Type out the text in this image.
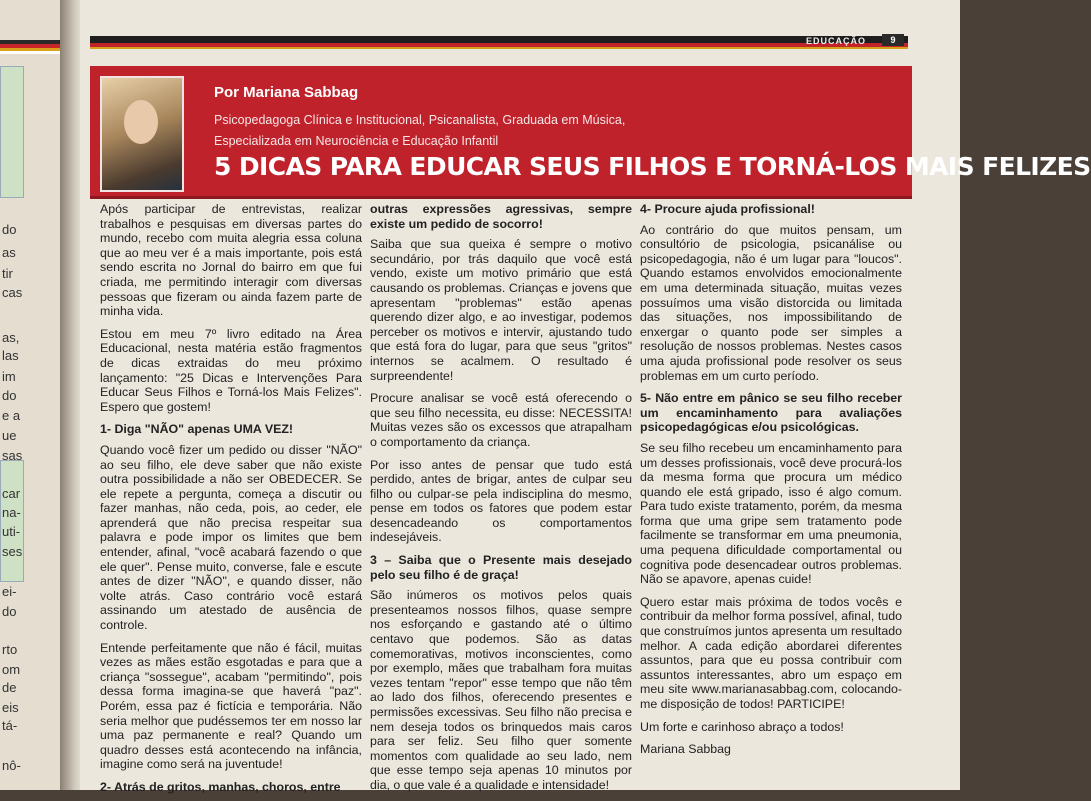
do
as
tir
cas
as,
las
im
do
e a
ue
sas
car
na-
uti-
ses
ei-
do
rto
om
de
eis
tá-
nô-
EDUCAÇÃO	9
Por Mariana Sabbag
Psicopedagoga Clínica e Institucional, Psicanalista, Graduada em Música,
Especializada em Neurociência e Educação Infantil
5 DICAS PARA EDUCAR SEUS FILHOS E TORNÁ-LOS MAIS FELIZES

Após participar de entrevistas, realizar trabalhos e pesquisas em diversas partes do mundo, recebo com muita alegria essa coluna que ao meu ver é a mais importante, pois está sendo escrita no Jornal do bairro em que fui criada, me permitindo interagir com diversas pessoas que fizeram ou ainda fazem parte de minha vida.

Estou em meu 7º livro editado na Área Educacional, nesta matéria estão fragmentos de dicas extraidas do meu próximo lançamento: "25 Dicas e Intervenções Para Educar Seus Filhos e Torná-los Mais Felizes". Espero que gostem!

1- Diga "NÃO" apenas UMA VEZ!

Quando você fizer um pedido ou disser "NÃO" ao seu filho, ele deve saber que não existe outra possibilidade a não ser OBEDECER. Se ele repete a pergunta, começa a discutir ou fazer manhas, não ceda, pois, ao ceder, ele aprenderá que não precisa respeitar sua palavra e pode impor os limites que bem entender, afinal, "você acabará fazendo o que ele quer". Pense muito, converse, fale e escute antes de dizer "NÃO", e quando disser, não volte atrás. Caso contrário você estará assinando um atestado de ausência de controle.

Entende perfeitamente que não é fácil, muitas vezes as mães estão esgotadas e para que a criança "sossegue", acabam "permitindo", pois dessa forma imagina-se que haverá "paz". Porém, essa paz é fictícia e temporária. Não seria melhor que pudéssemos ter em nosso lar uma paz permanente e real? Quando um quadro desses está acontecendo na infância, imagine como será na juventude!

2- Atrás de gritos, manhas, choros, entre

outras expressões agressivas, sempre existe um pedido de socorro!

Saiba que sua queixa é sempre o motivo secundário, por trás daquilo que você está vendo, existe um motivo primário que está causando os problemas. Crianças e jovens que apresentam "problemas" estão apenas querendo dizer algo, e ao investigar, podemos perceber os motivos e intervir, ajustando tudo que está fora do lugar, para que seus "gritos" internos se acalmem. O resultado é surpreendente!

Procure analisar se você está oferecendo o que seu filho necessita, eu disse: NECESSITA! Muitas vezes são os excessos que atrapalham o comportamento da criança.

Por isso antes de pensar que tudo está perdido, antes de brigar, antes de culpar seu filho ou culpar-se pela indisciplina do mesmo, pense em todos os fatores que podem estar desencadeando os comportamentos indesejáveis.

3 – Saiba que o Presente mais desejado pelo seu filho é de graça!

São inúmeros os motivos pelos quais presenteamos nossos filhos, quase sempre nos esforçando e gastando até o último centavo que podemos. São as datas comemorativas, motivos inconscientes, como por exemplo, mães que trabalham fora muitas vezes tentam "repor" esse tempo que não têm ao lado dos filhos, oferecendo presentes e permissões excessivas. Seu filho não precisa e nem deseja todos os brinquedos mais caros para ser feliz. Seu filho quer somente momentos com qualidade ao seu lado, nem que esse tempo seja apenas 10 minutos por dia, o que vale é a qualidade e intensidade!

4- Procure ajuda profissional!

Ao contrário do que muitos pensam, um consultório de psicologia, psicanálise ou psicopedagogia, não é um lugar para "loucos". Quando estamos envolvidos emocionalmente em uma determinada situação, muitas vezes possuímos uma visão distorcida ou limitada das situações, nos impossibilitando de enxergar o quanto pode ser simples a resolução de nossos problemas. Nestes casos uma ajuda profissional pode resolver os seus problemas em um curto período.

5- Não entre em pânico se seu filho receber um encaminhamento para avaliações psicopedagógicas e/ou psicológicas.

Se seu filho recebeu um encaminhamento para um desses profissionais, você deve procurá-los da mesma forma que procura um médico quando ele está gripado, isso é algo comum. Para tudo existe tratamento, porém, da mesma forma que uma gripe sem tratamento pode facilmente se transformar em uma pneumonia, uma pequena dificuldade comportamental ou cognitiva pode desencadear outros problemas. Não se apavore, apenas cuide!

Quero estar mais próxima de todos vocês e contribuir da melhor forma possível, afinal, tudo que construímos juntos apresenta um resultado melhor. A cada edição abordarei diferentes assuntos, para que eu possa contribuir com assuntos interessantes, abro um espaço em meu site www.marianasabbag.com, colocando-me disposição de todos! PARTICIPE!

Um forte e carinhoso abraço a todos!

Mariana Sabbag
